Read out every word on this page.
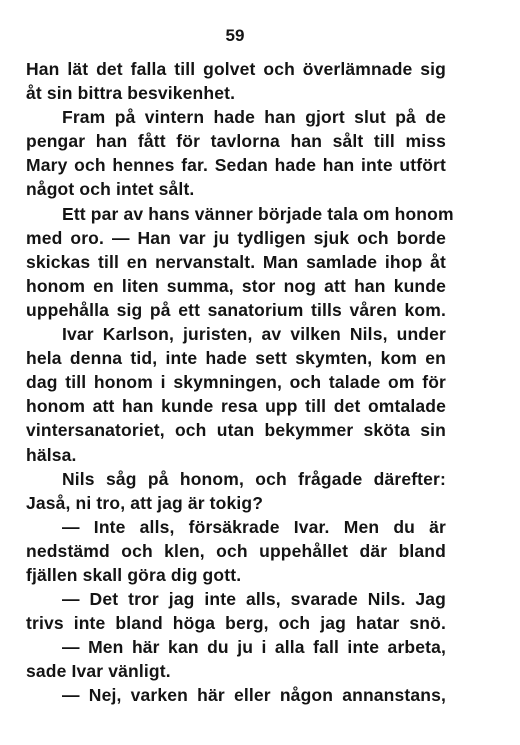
59
Han lät det falla till golvet och överlämnade sig
åt sin bittra besvikenhet.
Fram på vintern hade han gjort slut på de
pengar han fått för tavlorna han sålt till miss
Mary och hennes far. Sedan hade han inte utfört
något och intet sålt.
Ett par av hans vänner började tala om honom
med oro. — Han var ju tydligen sjuk och borde
skickas till en nervanstalt. Man samlade ihop åt
honom en liten summa, stor nog att han kunde
uppehålla sig på ett sanatorium tills våren kom.
Ivar Karlson, juristen, av vilken Nils, under
hela denna tid, inte hade sett skymten, kom en
dag till honom i skymningen, och talade om för
honom att han kunde resa upp till det omtalade
vintersanatoriet, och utan bekymmer sköta sin
hälsa.
Nils såg på honom, och frågade därefter:
Jaså, ni tro, att jag är tokig?
— Inte alls, försäkrade Ivar. Men du är
nedstämd och klen, och uppehållet där bland
fjällen skall göra dig gott.
— Det tror jag inte alls, svarade Nils. Jag
trivs inte bland höga berg, och jag hatar snö.
— Men här kan du ju i alla fall inte arbeta,
sade Ivar vänligt.
— Nej, varken här eller någon annanstans,
